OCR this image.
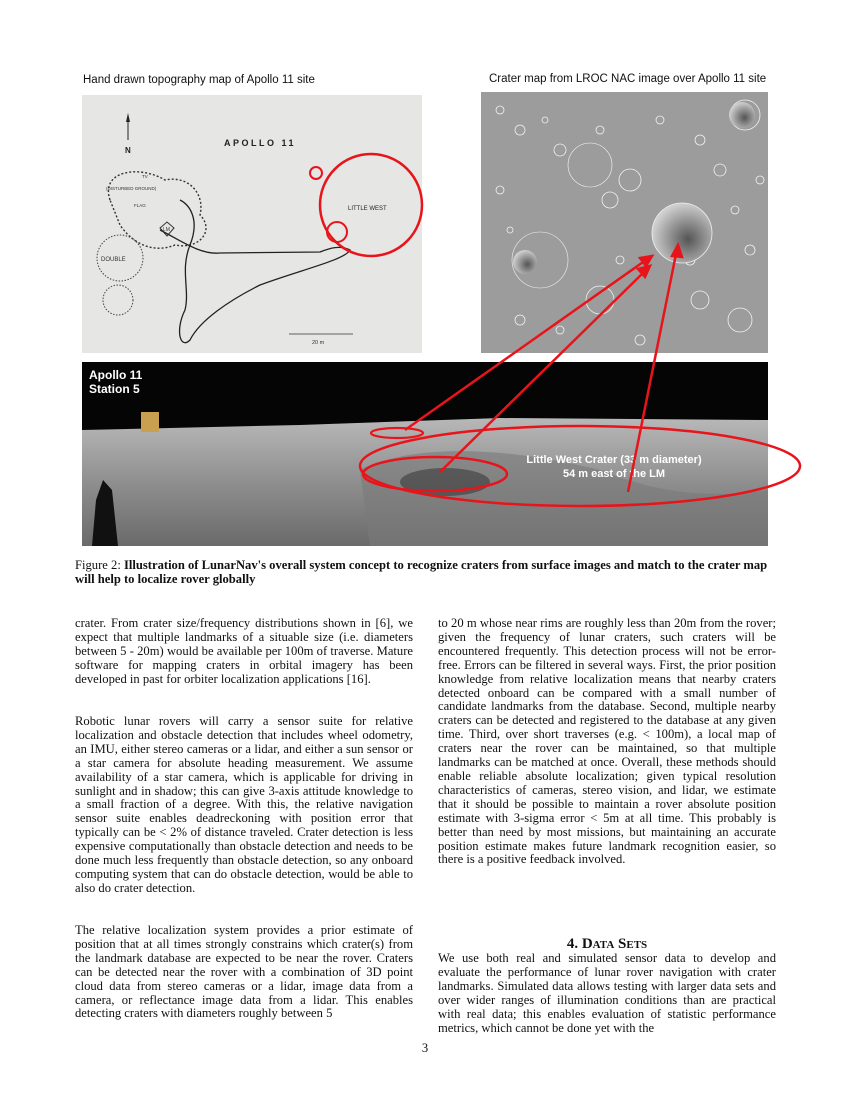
Hand drawn topography map of Apollo 11 site	Crater map from LROC NAC image over Apollo 11 site
N
APOLLO 11
(DISTURBED GROUND)
TV
FLAG
LM
DOUBLE
20 m
LITTLE WEST
Apollo 11
Station 5
Little West Crater (33 m diameter)
54 m east of the LM
Figure 2: Illustration of LunarNav's overall system concept to recognize craters from surface images and match to the crater map will help to localize rover globally

crater. From crater size/frequency distributions shown in [6], we expect that multiple landmarks of a situable size (i.e. diameters between 5 - 20m) would be available per 100m of traverse. Mature software for mapping craters in orbital imagery has been developed in past for orbiter localization applications [16].

Robotic lunar rovers will carry a sensor suite for relative localization and obstacle detection that includes wheel odometry, an IMU, either stereo cameras or a lidar, and either a sun sensor or a star camera for absolute heading measurement. We assume availability of a star camera, which is applicable for driving in sunlight and in shadow; this can give 3-axis attitude knowledge to a small fraction of a degree. With this, the relative navigation sensor suite enables deadreckoning with position error that typically can be < 2% of distance traveled. Crater detection is less expensive computationally than obstacle detection and needs to be done much less frequently than obstacle detection, so any onboard computing system that can do obstacle detection, would be able to also do crater detection.

The relative localization system provides a prior estimate of position that at all times strongly constrains which crater(s) from the landmark database are expected to be near the rover. Craters can be detected near the rover with a combination of 3D point cloud data from stereo cameras or a lidar, image data from a camera, or reflectance image data from a lidar. This enables detecting craters with diameters roughly between 5

to 20 m whose near rims are roughly less than 20m from the rover; given the frequency of lunar craters, such craters will be encountered frequently. This detection process will not be error-free. Errors can be filtered in several ways. First, the prior position knowledge from relative localization means that nearby craters detected onboard can be compared with a small number of candidate landmarks from the database. Second, multiple nearby craters can be detected and registered to the database at any given time. Third, over short traverses (e.g. < 100m), a local map of craters near the rover can be maintained, so that multiple landmarks can be matched at once. Overall, these methods should enable reliable absolute localization; given typical resolution characteristics of cameras, stereo vision, and lidar, we estimate that it should be possible to maintain a rover absolute position estimate with 3-sigma error < 5m at all time. This probably is better than need by most missions, but maintaining an accurate position estimate makes future landmark recognition easier, so there is a positive feedback involved.

4. Data Sets

We use both real and simulated sensor data to develop and evaluate the performance of lunar rover navigation with crater landmarks. Simulated data allows testing with larger data sets and over wider ranges of illumination conditions than are practical with real data; this enables evaluation of statistic performance metrics, which cannot be done yet with the

3
